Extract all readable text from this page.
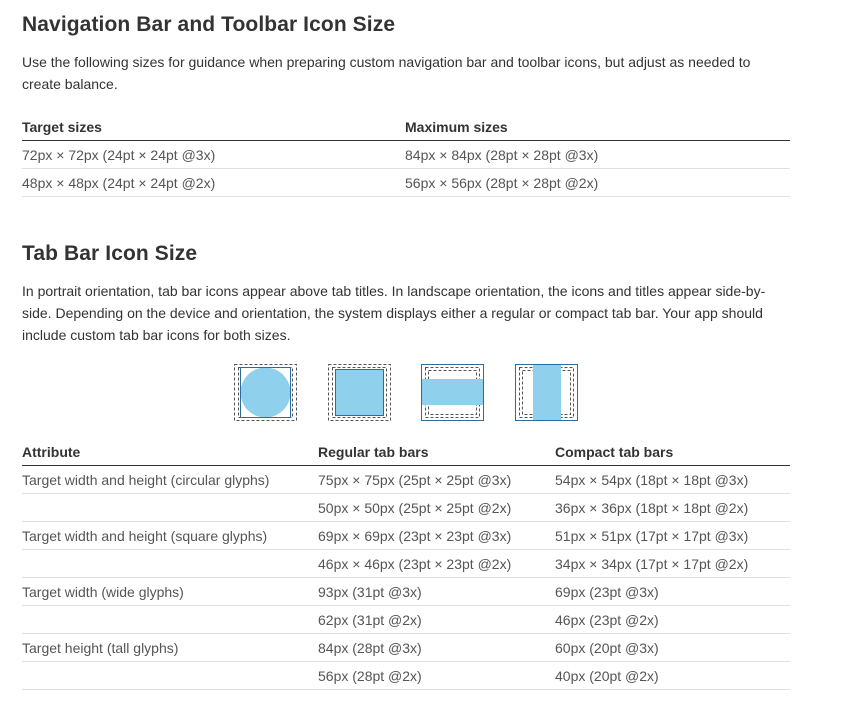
Navigation Bar and Toolbar Icon Size

Use the following sizes for guidance when preparing custom navigation bar and toolbar icons, but adjust as needed to create balance.

Target sizes	Maximum sizes
72px × 72px (24pt × 24pt @3x)	84px × 84px (28pt × 28pt @3x)
48px × 48px (24pt × 24pt @2x)	56px × 56px (28pt × 28pt @2x)
Tab Bar Icon Size

In portrait orientation, tab bar icons appear above tab titles. In landscape orientation, the icons and titles appear side-by-side. Depending on the device and orientation, the system displays either a regular or compact tab bar. Your app should include custom tab bar icons for both sizes.

Attribute	Regular tab bars	Compact tab bars
Target width and height (circular glyphs)	75px × 75px (25pt × 25pt @3x)	54px × 54px (18pt × 18pt @3x)
	50px × 50px (25pt × 25pt @2x)	36px × 36px (18pt × 18pt @2x)
Target width and height (square glyphs)	69px × 69px (23pt × 23pt @3x)	51px × 51px (17pt × 17pt @3x)
	46px × 46px (23pt × 23pt @2x)	34px × 34px (17pt × 17pt @2x)
Target width (wide glyphs)	93px (31pt @3x)	69px (23pt @3x)
	62px (31pt @2x)	46px (23pt @2x)
Target height (tall glyphs)	84px (28pt @3x)	60px (20pt @3x)
	56px (28pt @2x)	40px (20pt @2x)
